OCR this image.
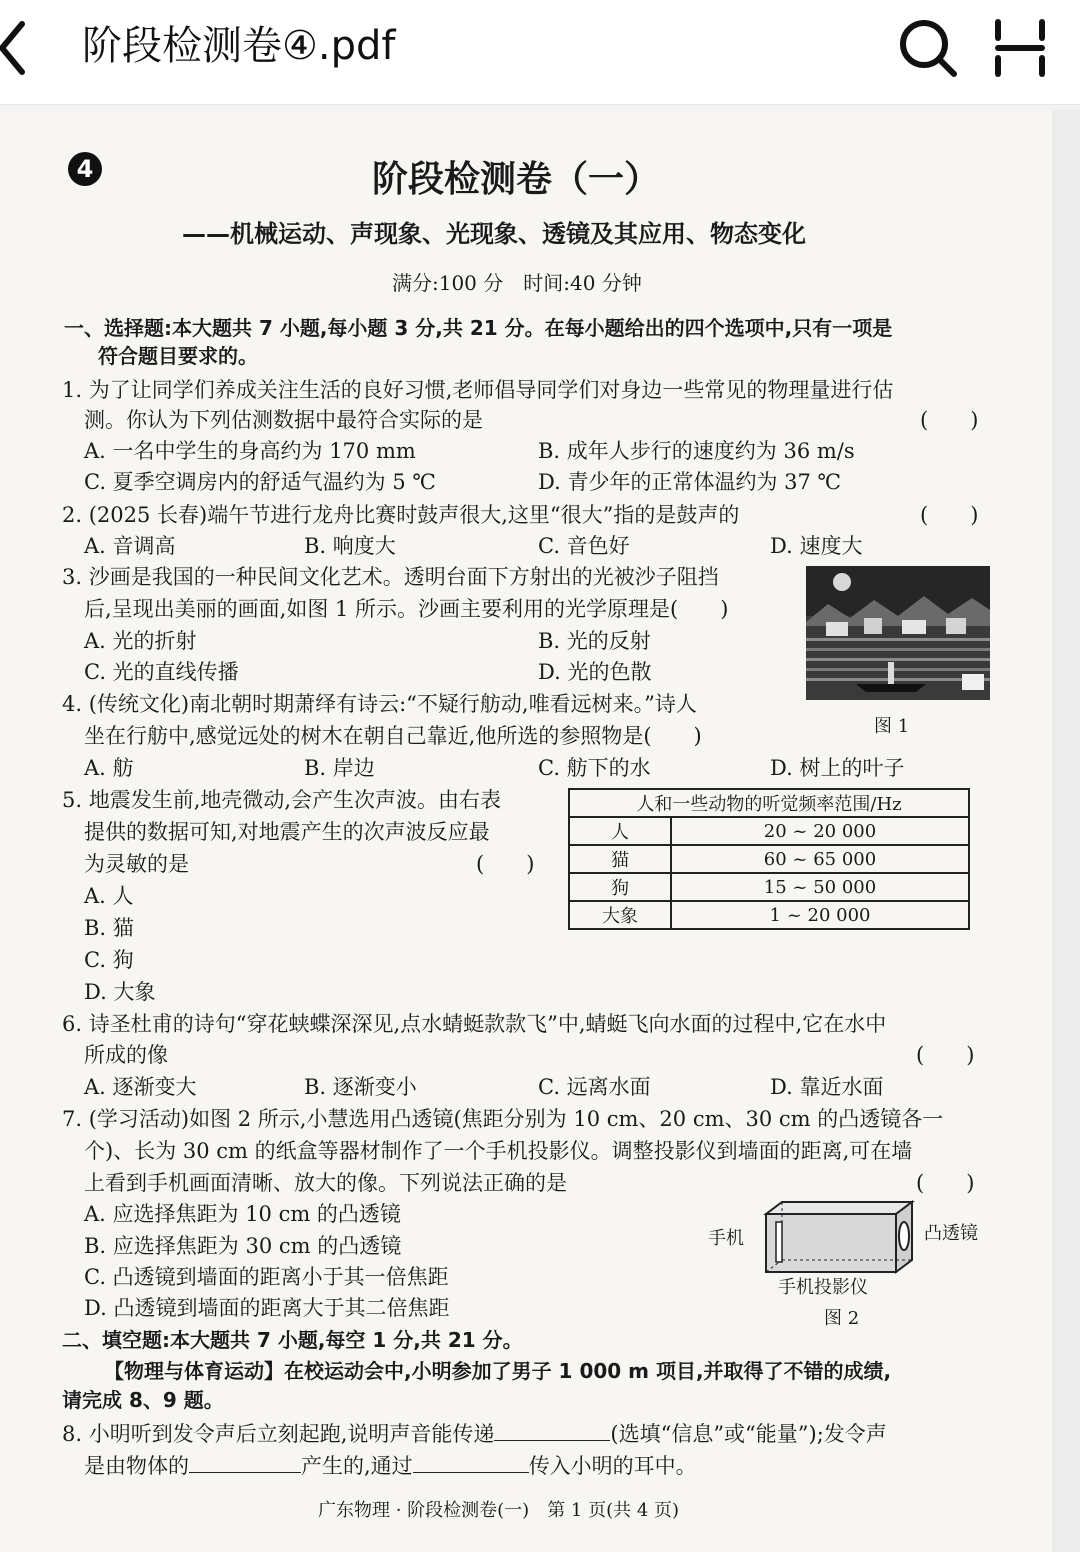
阶段检测卷④.pdf
4	阶段检测卷（一）
——机械运动、声现象、光现象、透镜及其应用、物态变化
满分:100 分　时间:40 分钟
一、选择题:本大题共 7 小题,每小题 3 分,共 21 分。在每小题给出的四个选项中,只有一项是
符合题目要求的。
1. 为了让同学们养成关注生活的良好习惯,老师倡导同学们对身边一些常见的物理量进行估
测。你认为下列估测数据中最符合实际的是	(　　)
A. 一名中学生的身高约为 170 mm	B. 成年人步行的速度约为 36 m/s
C. 夏季空调房内的舒适气温约为 5 ℃	D. 青少年的正常体温约为 37 ℃
2. (2025 长春)端午节进行龙舟比赛时鼓声很大,这里“很大”指的是鼓声的	(　　)
A. 音调高	B. 响度大	C. 音色好	D. 速度大
3. 沙画是我国的一种民间文化艺术。透明台面下方射出的光被沙子阻挡
后,呈现出美丽的画面,如图 1 所示。沙画主要利用的光学原理是(　　)
A. 光的折射	B. 光的反射
C. 光的直线传播	D. 光的色散
图 1
4. (传统文化)南北朝时期萧绎有诗云:“不疑行舫动,唯看远树来。”诗人
坐在行舫中,感觉远处的树木在朝自己靠近,他所选的参照物是(　　)
A. 舫	B. 岸边	C. 舫下的水	D. 树上的叶子
5. 地震发生前,地壳微动,会产生次声波。由右表
提供的数据可知,对地震产生的次声波反应最
为灵敏的是	(　　)
A. 人
B. 猫
C. 狗
D. 大象
人和一些动物的听觉频率范围/Hz	
人	20 ~ 20 000
猫	60 ~ 65 000
狗	15 ~ 50 000
大象	1 ~ 20 000
6. 诗圣杜甫的诗句“穿花蛱蝶深深见,点水蜻蜓款款飞”中,蜻蜓飞向水面的过程中,它在水中
所成的像	(　　)
A. 逐渐变大	B. 逐渐变小	C. 远离水面	D. 靠近水面
7. (学习活动)如图 2 所示,小慧选用凸透镜(焦距分别为 10 cm、20 cm、30 cm 的凸透镜各一
个)、长为 30 cm 的纸盒等器材制作了一个手机投影仪。调整投影仪到墙面的距离,可在墙
上看到手机画面清晰、放大的像。下列说法正确的是	(　　)
A. 应选择焦距为 10 cm 的凸透镜
B. 应选择焦距为 30 cm 的凸透镜
C. 凸透镜到墙面的距离小于其一倍焦距
D. 凸透镜到墙面的距离大于其二倍焦距
手机	凸透镜
手机投影仪
图 2
二、填空题:本大题共 7 小题,每空 1 分,共 21 分。
【物理与体育运动】在校运动会中,小明参加了男子 1 000 m 项目,并取得了不错的成绩,
请完成 8、9 题。
8. 小明听到发令声后立刻起跑,说明声音能传递	(选填“信息”或“能量”);发令声
是由物体的	产生的,通过	传入小明的耳中。
广东物理 · 阶段检测卷(一)　第 1 页(共 4 页)
